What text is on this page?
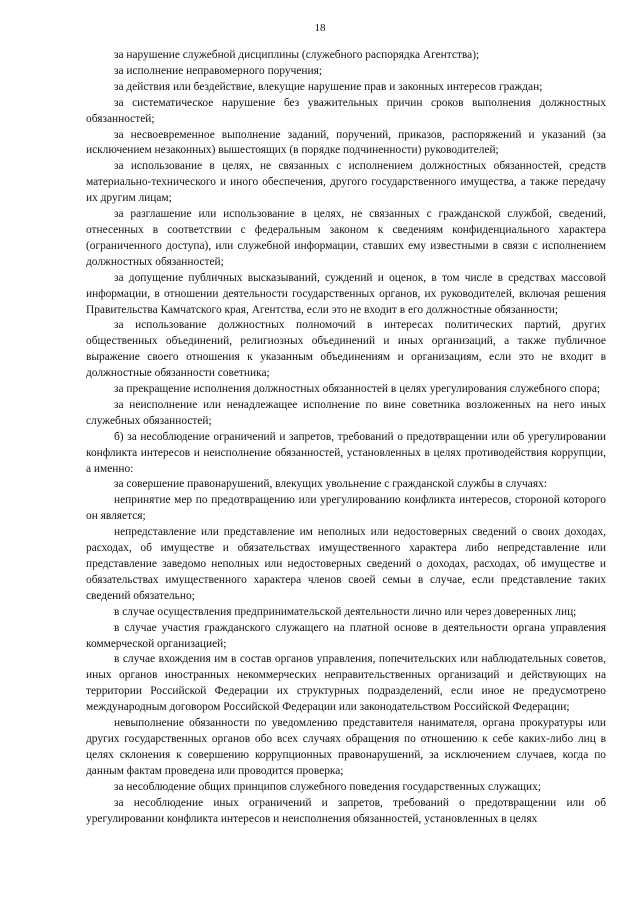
18

за нарушение служебной дисциплины (служебного распорядка Агентства);

за исполнение неправомерного поручения;

за действия или бездействие, влекущие нарушение прав и законных интересов граждан;

за систематическое нарушение без уважительных причин сроков выполнения должностных обязанностей;

за несвоевременное выполнение заданий, поручений, приказов, распоряжений и указаний (за исключением незаконных) вышестоящих (в порядке подчиненности) руководителей;

за использование в целях, не связанных с исполнением должностных обязанностей, средств материально-технического и иного обеспечения, другого государственного имущества, а также передачу их другим лицам;

за разглашение или использование в целях, не связанных с гражданской службой, сведений, отнесенных в соответствии с федеральным законом к сведениям конфиденциального характера (ограниченного доступа), или служебной информации, ставших ему известными в связи с исполнением должностных обязанностей;

за допущение публичных высказываний, суждений и оценок, в том числе в средствах массовой информации, в отношении деятельности государственных органов, их руководителей, включая решения Правительства Камчатского края, Агентства, если это не входит в его должностные обязанности;

за использование должностных полномочий в интересах политических партий, других общественных объединений, религиозных объединений и иных организаций, а также публичное выражение своего отношения к указанным объединениям и организациям, если это не входит в должностные обязанности советника;

за прекращение исполнения должностных обязанностей в целях урегулирования служебного спора;

за неисполнение или ненадлежащее исполнение по вине советника возложенных на него иных служебных обязанностей;

б) за несоблюдение ограничений и запретов, требований о предотвращении или об урегулировании конфликта интересов и неисполнение обязанностей, установленных в целях противодействия коррупции, а именно:

за совершение правонарушений, влекущих увольнение с гражданской службы в случаях:

непринятие мер по предотвращению или урегулированию конфликта интересов, стороной которого он является;

непредставление или представление им неполных или недостоверных сведений о своих доходах, расходах, об имуществе и обязательствах имущественного характера либо непредставление или представление заведомо неполных или недостоверных сведений о доходах, расходах, об имуществе и обязательствах имущественного характера членов своей семьи в случае, если представление таких сведений обязательно;

в случае осуществления предпринимательской деятельности лично или через доверенных лиц;

в случае участия гражданского служащего на платной основе в деятельности органа управления коммерческой организацией;

в случае вхождения им в состав органов управления, попечительских или наблюдательных советов, иных органов иностранных некоммерческих неправительственных организаций и действующих на территории Российской Федерации их структурных подразделений, если иное не предусмотрено международным договором Российской Федерации или законодательством Российской Федерации;

невыполнение обязанности по уведомлению представителя нанимателя, органа прокуратуры или других государственных органов обо всех случаях обращения по отношению к себе каких-либо лиц в целях склонения к совершению коррупционных правонарушений, за исключением случаев, когда по данным фактам проведена или проводится проверка;

за несоблюдение общих принципов служебного поведения государственных служащих;

за несоблюдение иных ограничений и запретов, требований о предотвращении или об урегулировании конфликта интересов и неисполнения обязанностей, установленных в целях
